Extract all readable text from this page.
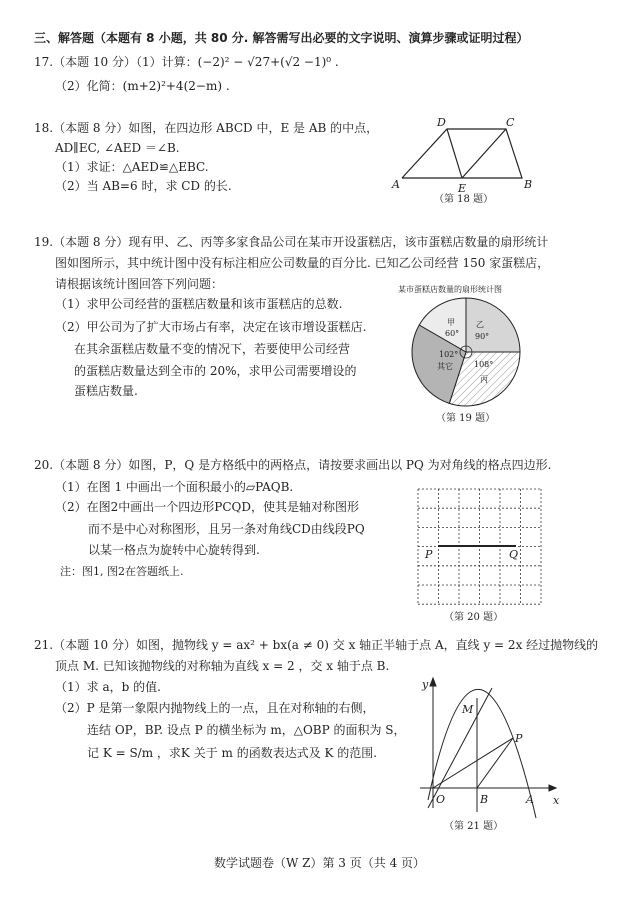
三、解答题（本题有 8 小题，共 80 分. 解答需写出必要的文字说明、演算步骤或证明过程）
17.（本题 10 分）（1）计算：(−2)² − √27+(√2 −1)⁰ .
（2）化简：(m+2)²+4(2−m) .
18.（本题 8 分）如图，在四边形 ABCD 中，E 是 AB 的中点，
AD∥EC, ∠AED ＝∠B.
（1）求证：△AED≌△EBC.
（2）当 AB=6 时，求 CD 的长.	A	B
C
D
E
甲
60°
乙
90°
102°
其它	108°
丙
P	Q
y
x
M
P
O	B	A
（第 18 题）
19.（本题 8 分）现有甲、乙、丙等多家食品公司在某市开设蛋糕店，该市蛋糕店数量的扇形统计
图如图所示，其中统计图中没有标注相应公司数量的百分比. 已知乙公司经营 150 家蛋糕店，
请根据该统计图回答下列问题：
（1）求甲公司经营的蛋糕店数量和该市蛋糕店的总数.
（2）甲公司为了扩大市场占有率，决定在该市增设蛋糕店.
在其余蛋糕店数量不变的情况下，若要使甲公司经营
的蛋糕店数量达到全市的 20%，求甲公司需要增设的
蛋糕店数量.
某市蛋糕店数量的扇形统计图
（第 19 题）
20.（本题 8 分）如图，P，Q 是方格纸中的两格点，请按要求画出以 PQ 为对角线的格点四边形.
（1）在图 1 中画出一个面积最小的▱PAQB.
（2）在图2中画出一个四边形PCQD，使其是轴对称图形
而不是中心对称图形，且另一条对角线CD由线段PQ
以某一格点为旋转中心旋转得到.
注：图1, 图2在答题纸上.
（第 20 题）
21.（本题 10 分）如图，抛物线 y = ax² + bx(a ≠ 0) 交 x 轴正半轴于点 A，直线 y = 2x 经过抛物线的
顶点 M. 已知该抛物线的对称轴为直线 x = 2 ，交 x 轴于点 B.
（1）求 a，b 的值.
（2）P 是第一象限内抛物线上的一点，且在对称轴的右侧，
连结 OP，BP. 设点 P 的横坐标为 m，△OBP 的面积为 S，
记 K = S/m ，求K 关于 m 的函数表达式及 K 的范围.
（第 21 题）
数学试题卷（W Z）第 3 页（共 4 页）
